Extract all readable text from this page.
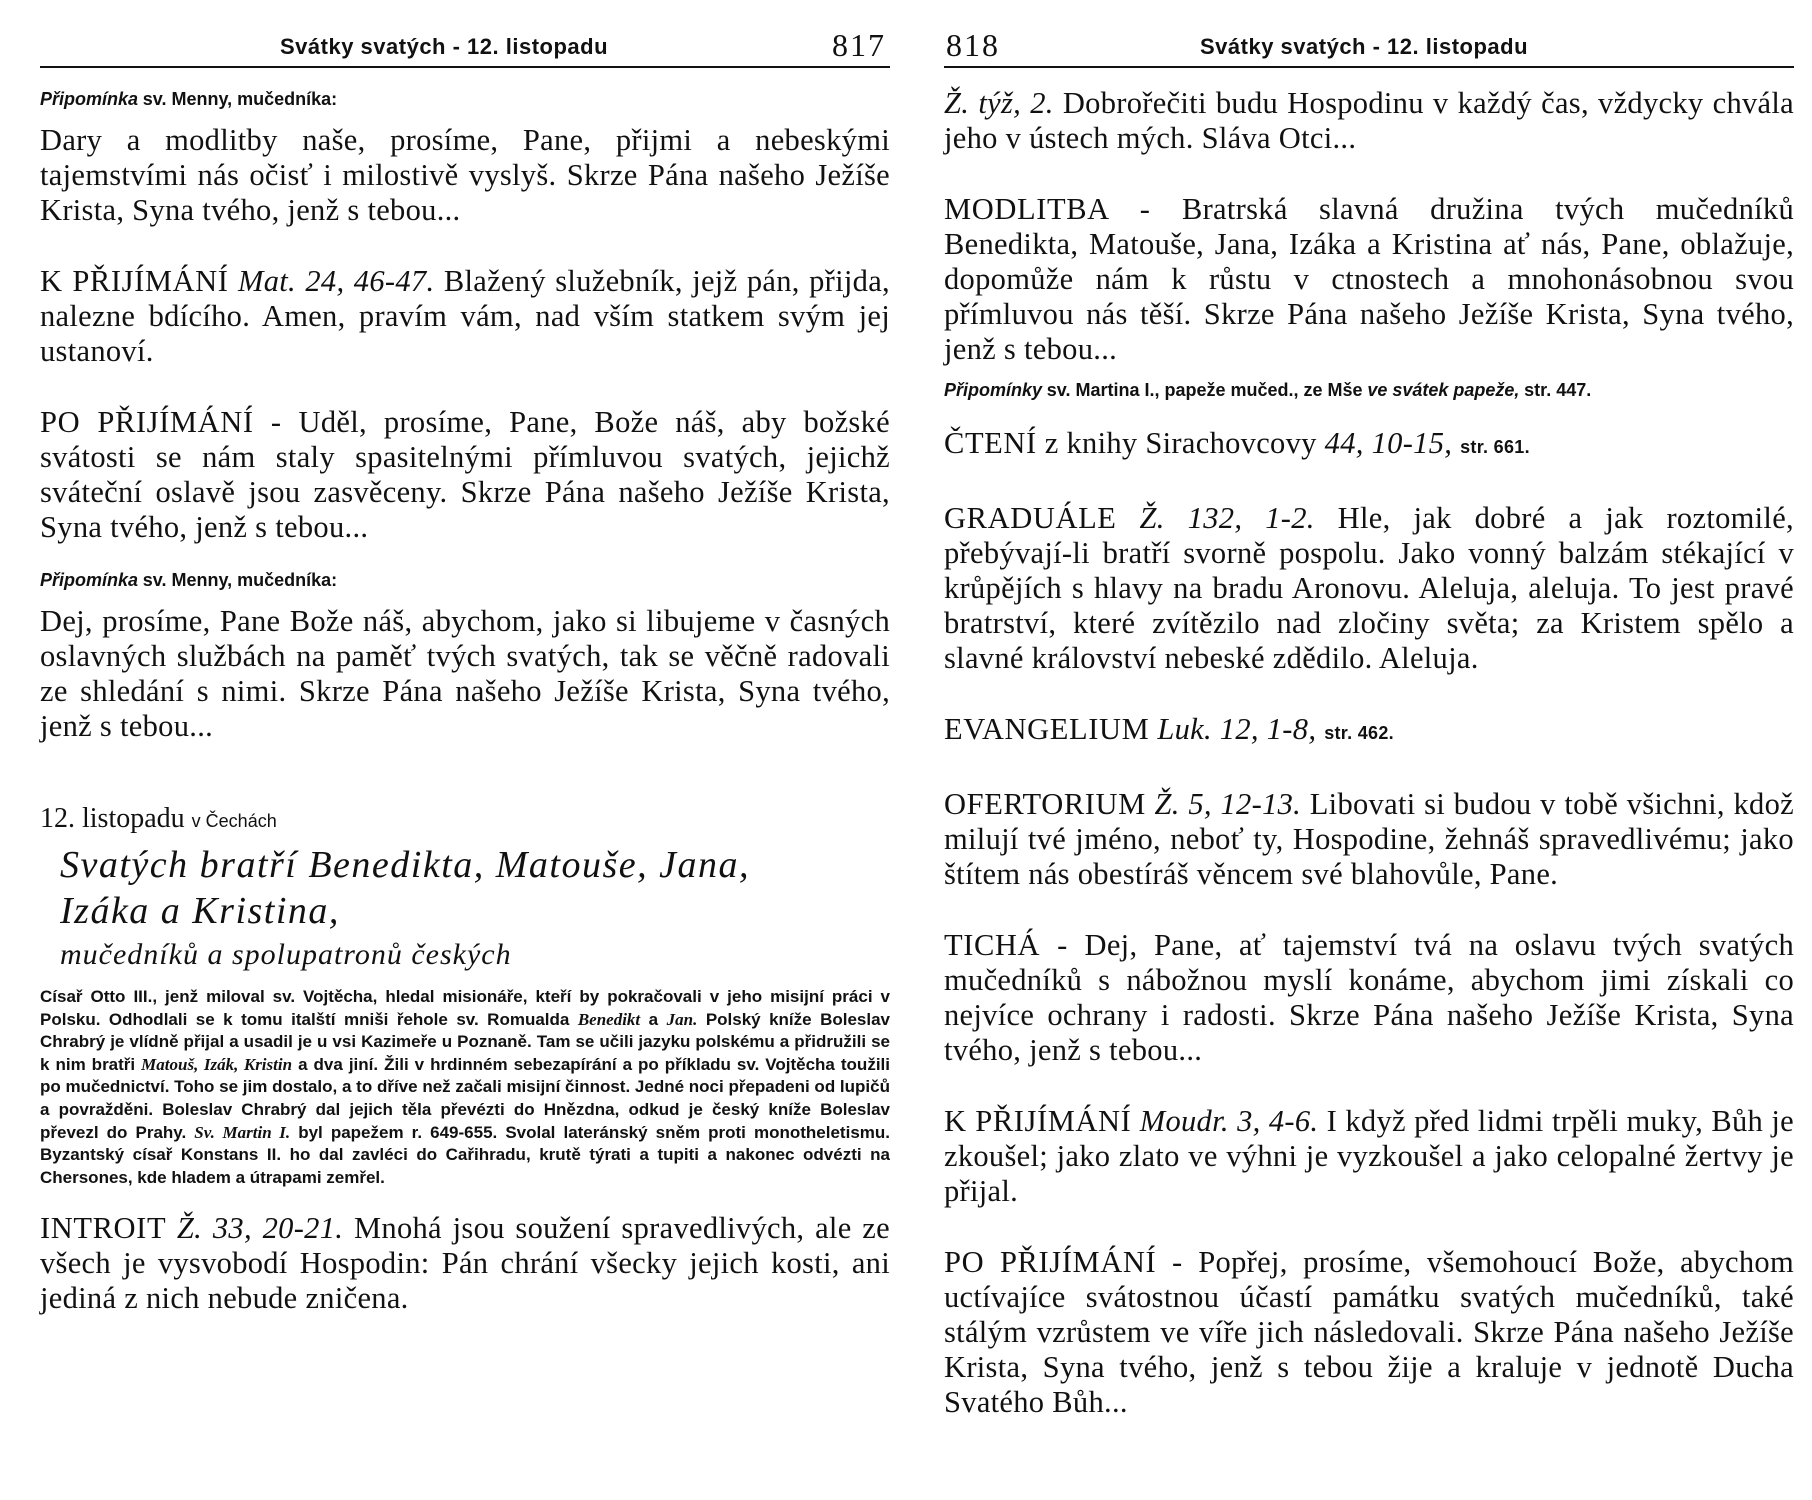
Svátky svatých - 12. listopadu	817

Připomínka sv. Menny, mučedníka:

Dary a modlitby naše, prosíme, Pane, přijmi a nebeskými tajemstvími nás očisť i milostivě vyslyš. Skrze Pána našeho Ježíše Krista, Syna tvého, jenž s tebou...

K PŘIJÍMÁNÍ Mat. 24, 46-47. Blažený služebník, jejž pán, přijda, nalezne bdícího. Amen, pravím vám, nad vším statkem svým jej ustanoví.

PO PŘIJÍMÁNÍ - Uděl, prosíme, Pane, Bože náš, aby božské svátosti se nám staly spasitelnými přímluvou svatých, jejichž sváteční oslavě jsou zasvěceny. Skrze Pána našeho Ježíše Krista, Syna tvého, jenž s tebou...

Připomínka sv. Menny, mučedníka:

Dej, prosíme, Pane Bože náš, abychom, jako si libujeme v časných oslavných službách na paměť tvých svatých, tak se věčně radovali ze shledání s nimi. Skrze Pána našeho Ježíše Krista, Syna tvého, jenž s tebou...

12. listopadu v Čechách

Svatých bratří Benedikta, Matouše, Jana,

Izáka a Kristina,

mučedníků a spolupatronů českých

Císař Otto III., jenž miloval sv. Vojtěcha, hledal misionáře, kteří by pokračovali v jeho misijní práci v Polsku. Odhodlali se k tomu italští mniši řehole sv. Romualda Benedikt a Jan. Polský kníže Boleslav Chrabrý je vlídně přijal a usadil je u vsi Kazimeře u Poznaně. Tam se učili jazyku polskému a přidružili se k nim bratři Matouš, Izák, Kristin a dva jiní. Žili v hrdinném sebezapírání a po příkladu sv. Vojtěcha toužili po mučednictví. Toho se jim dostalo, a to dříve než začali misijní činnost. Jedné noci přepadeni od lupičů a povražděni. Boleslav Chrabrý dal jejich těla převézti do Hnězdna, odkud je český kníže Boleslav převezl do Prahy. Sv. Martin I. byl papežem r. 649-655. Svolal lateránský sněm proti monotheletismu. Byzantský císař Konstans II. ho dal zavléci do Cařihradu, krutě týrati a tupiti a nakonec odvézti na Chersones, kde hladem a útrapami zemřel.

INTROIT Ž. 33, 20-21. Mnohá jsou soužení spravedlivých, ale ze všech je vysvobodí Hospodin: Pán chrání všecky jejich kosti, ani jediná z nich nebude zničena.

818	Svátky svatých - 12. listopadu

Ž. týž, 2. Dobrořečiti budu Hospodinu v každý čas, vždycky chvála jeho v ústech mých. Sláva Otci...

MODLITBA - Bratrská slavná družina tvých mučedníků Benedikta, Matouše, Jana, Izáka a Kristina ať nás, Pane, oblažuje, dopomůže nám k růstu v ctnostech a mnohonásobnou svou přímluvou nás těší. Skrze Pána našeho Ježíše Krista, Syna tvého, jenž s tebou...

Připomínky sv. Martina I., papeže mučed., ze Mše ve svátek papeže, str. 447.

ČTENÍ z knihy Sirachovcovy 44, 10-15, str. 661.

GRADUÁLE Ž. 132, 1-2. Hle, jak dobré a jak roztomilé, přebývají-li bratří svorně pospolu. Jako vonný balzám stékající v krůpějích s hlavy na bradu Aronovu. Aleluja, aleluja. To jest pravé bratrství, které zvítězilo nad zločiny světa; za Kristem spělo a slavné království nebeské zdědilo. Aleluja.

EVANGELIUM Luk. 12, 1-8, str. 462.

OFERTORIUM Ž. 5, 12-13. Libovati si budou v tobě všichni, kdož milují tvé jméno, neboť ty, Hospodine, žehnáš spravedlivému; jako štítem nás obestíráš věncem své blahovůle, Pane.

TICHÁ - Dej, Pane, ať tajemství tvá na oslavu tvých svatých mučedníků s nábožnou myslí konáme, abychom jimi získali co nejvíce ochrany i radosti. Skrze Pána našeho Ježíše Krista, Syna tvého, jenž s tebou...

K PŘIJÍMÁNÍ Moudr. 3, 4-6. I když před lidmi trpěli muky, Bůh je zkoušel; jako zlato ve výhni je vyzkoušel a jako celopalné žertvy je přijal.

PO PŘIJÍMÁNÍ - Popřej, prosíme, všemohoucí Bože, abychom uctívajíce svátostnou účastí památku svatých mučedníků, také stálým vzrůstem ve víře jich následovali. Skrze Pána našeho Ježíše Krista, Syna tvého, jenž s tebou žije a kraluje v jednotě Ducha Svatého Bůh...
